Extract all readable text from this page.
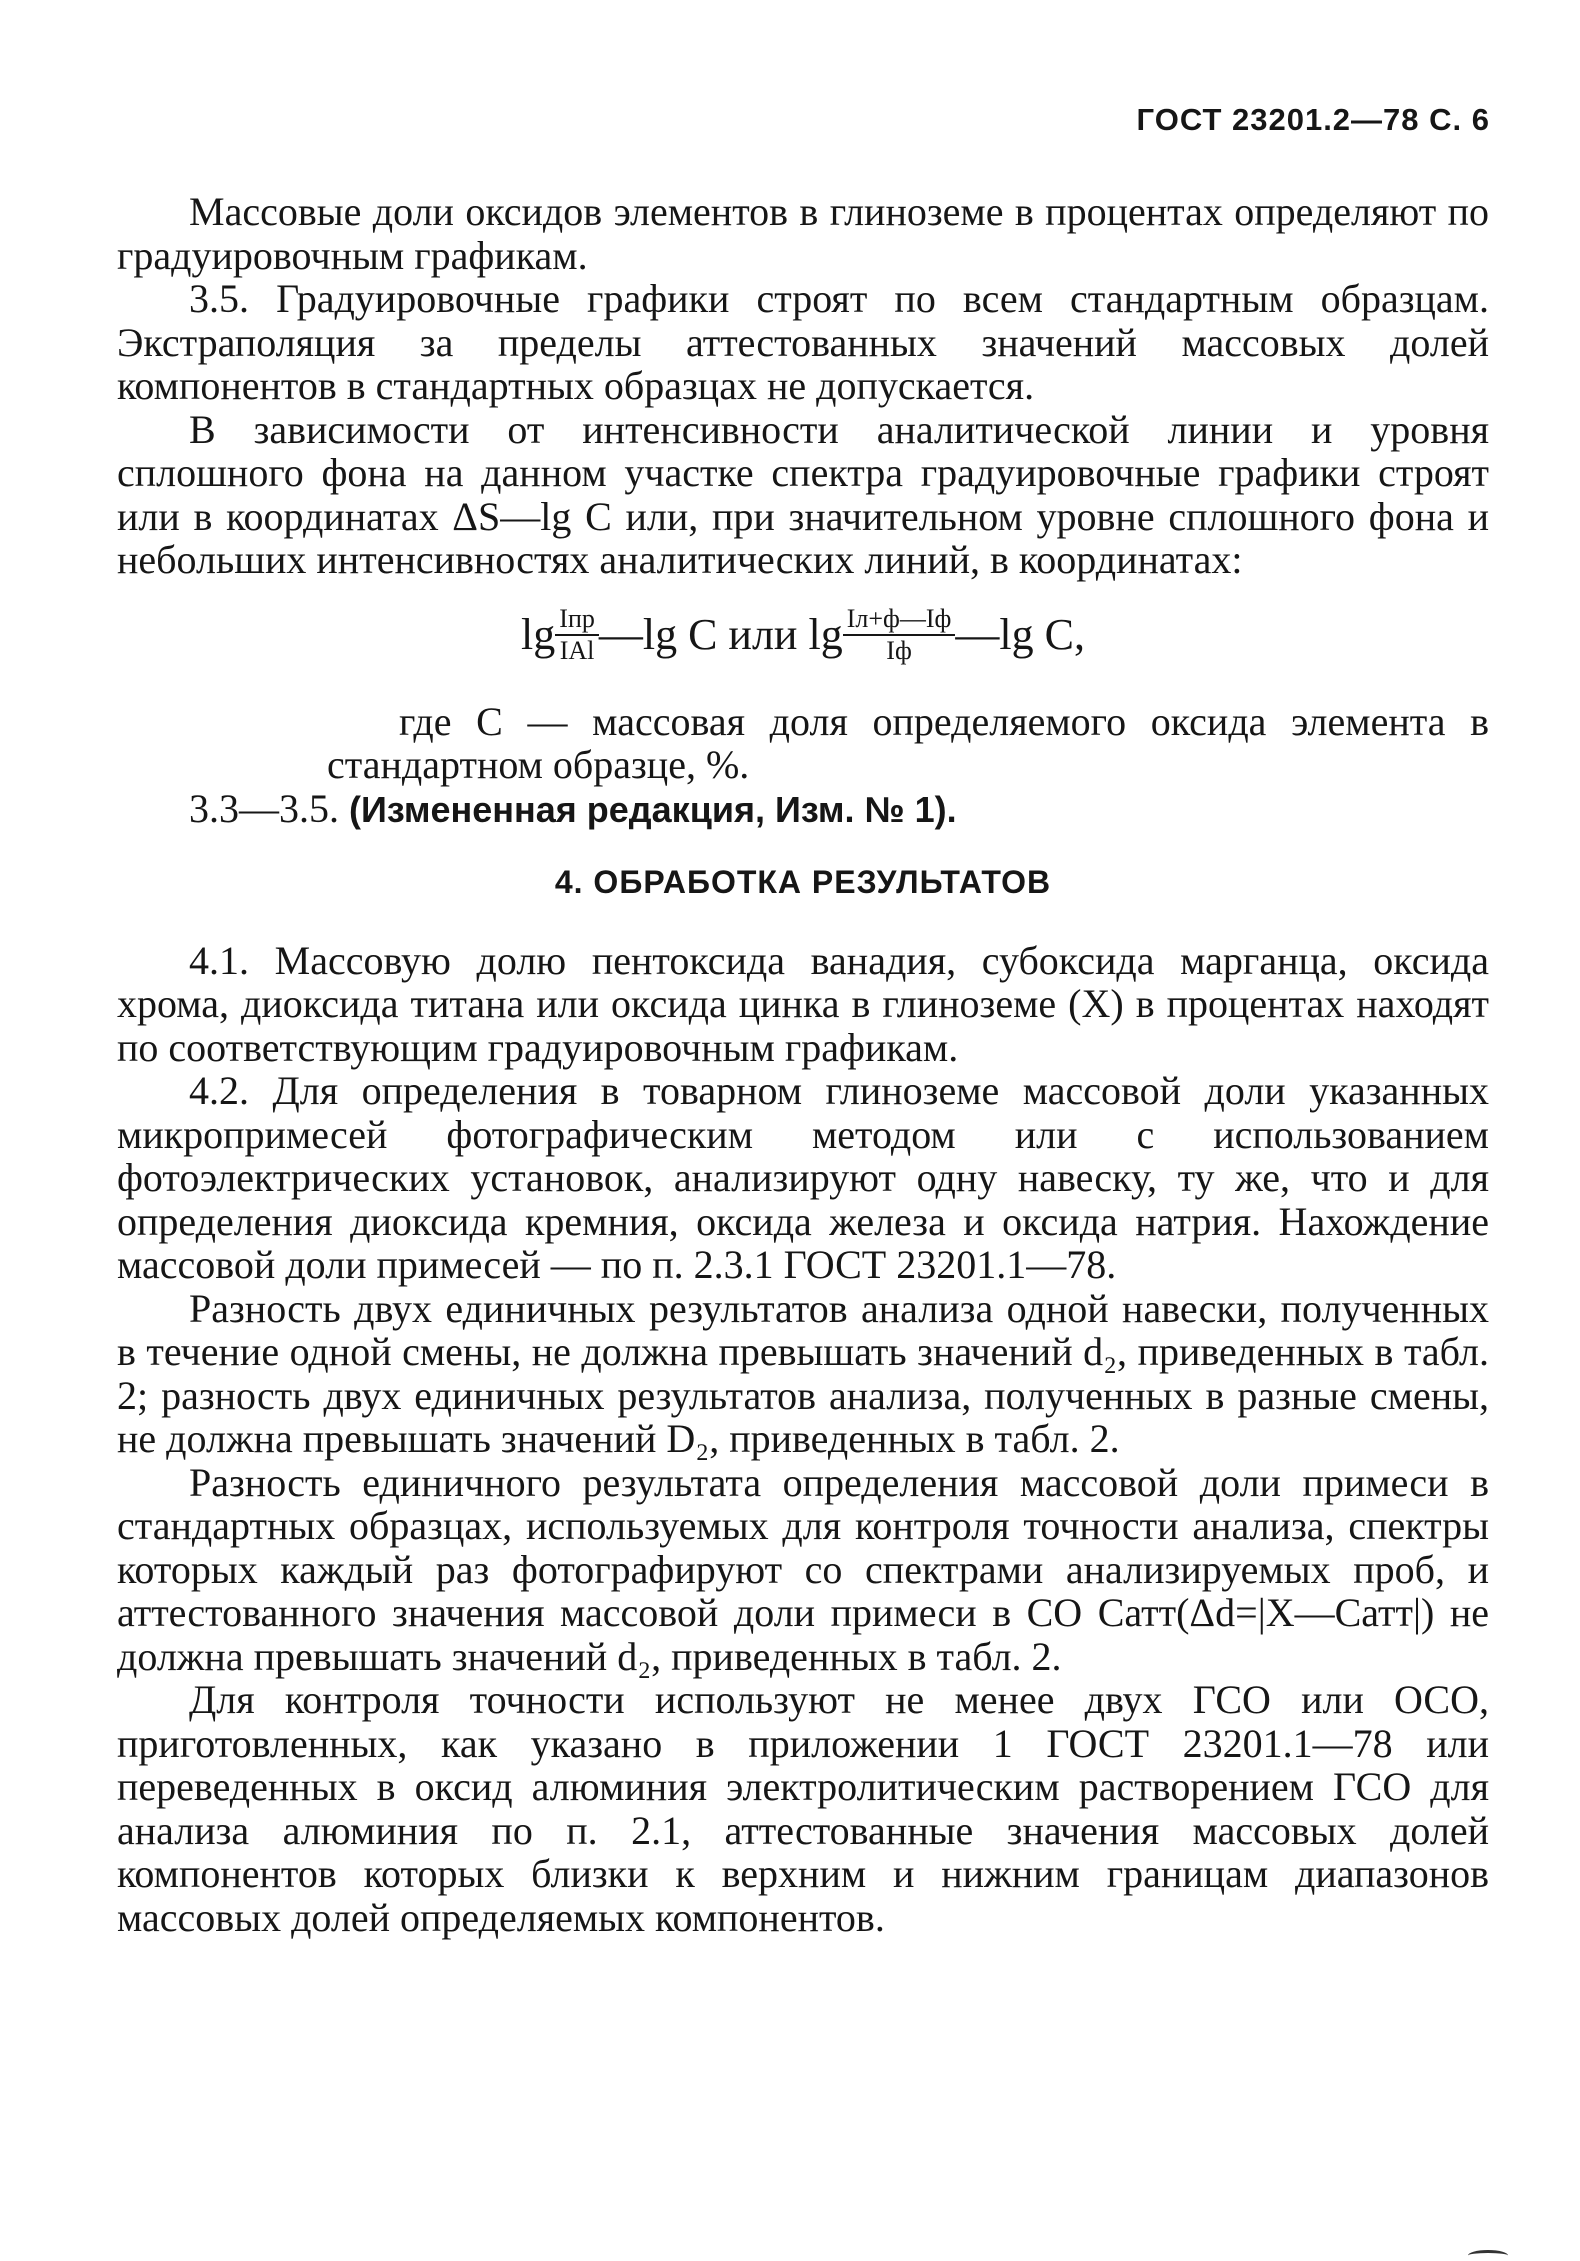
ГОСТ 23201.2—78 С. 6

Массовые доли оксидов элементов в глиноземе в процентах определяют по градуировочным графикам.

3.5. Градуировочные графики строят по всем стандартным образцам. Экстраполяция за пределы аттестованных значений массовых долей компонентов в стандартных образцах не допускается.

В зависимости от интенсивности аналитической линии и уровня сплошного фона на данном участке спектра градуировочные графики строят или в координатах ΔS—lg C или, при значительном уровне сплошного фона и небольших интенсивностях аналитических линий, в координатах:

$\lg \frac{\text{Iпр}}{\text{IAl}}$ —lg C или $\lg \frac{Iл+ф—Iф}{Iф}$ —lg C,

где C — массовая доля определяемого оксида элемента в стандартном образце, %.

3.3—3.5. (Измененная редакция, Изм. № 1).

4. ОБРАБОТКА РЕЗУЛЬТАТОВ

4.1. Массовую долю пентоксида ванадия, субоксида марганца, оксида хрома, диоксида титана или оксида цинка в глиноземе (X) в процентах находят по соответствующим градуировочным графикам.

4.2. Для определения в товарном глиноземе массовой доли указанных микропримесей фотографическим методом или с использованием фотоэлектрических установок, анализируют одну навеску, ту же, что и для определения диоксида кремния, оксида железа и оксида натрия. Нахождение массовой доли примесей — по п. 2.3.1 ГОСТ 23201.1—78.

Разность двух единичных результатов анализа одной навески, полученных в течение одной смены, не должна превышать значений d₂, приведенных в табл. 2; разность двух единичных результатов анализа, полученных в разные смены, не должна превышать значений D₂, приведенных в табл. 2.

Разность единичного результата определения массовой доли примеси в стандартных образцах, используемых для контроля точности анализа, спектры которых каждый раз фотографируют со спектрами анализируемых проб, и аттестованного значения массовой доли примеси в СО Cатт(Δd=|X—Cатт|) не должна превышать значений d₂, приведенных в табл. 2.

Для контроля точности используют не менее двух ГСО или ОСО, приготовленных, как указано в приложении 1 ГОСТ 23201.1—78 или переведенных в оксид алюминия электролитическим растворением ГСО для анализа алюминия по п. 2.1, аттестованные значения массовых долей компонентов которых близки к верхним и нижним границам диапазонов массовых долей определяемых компонентов.
